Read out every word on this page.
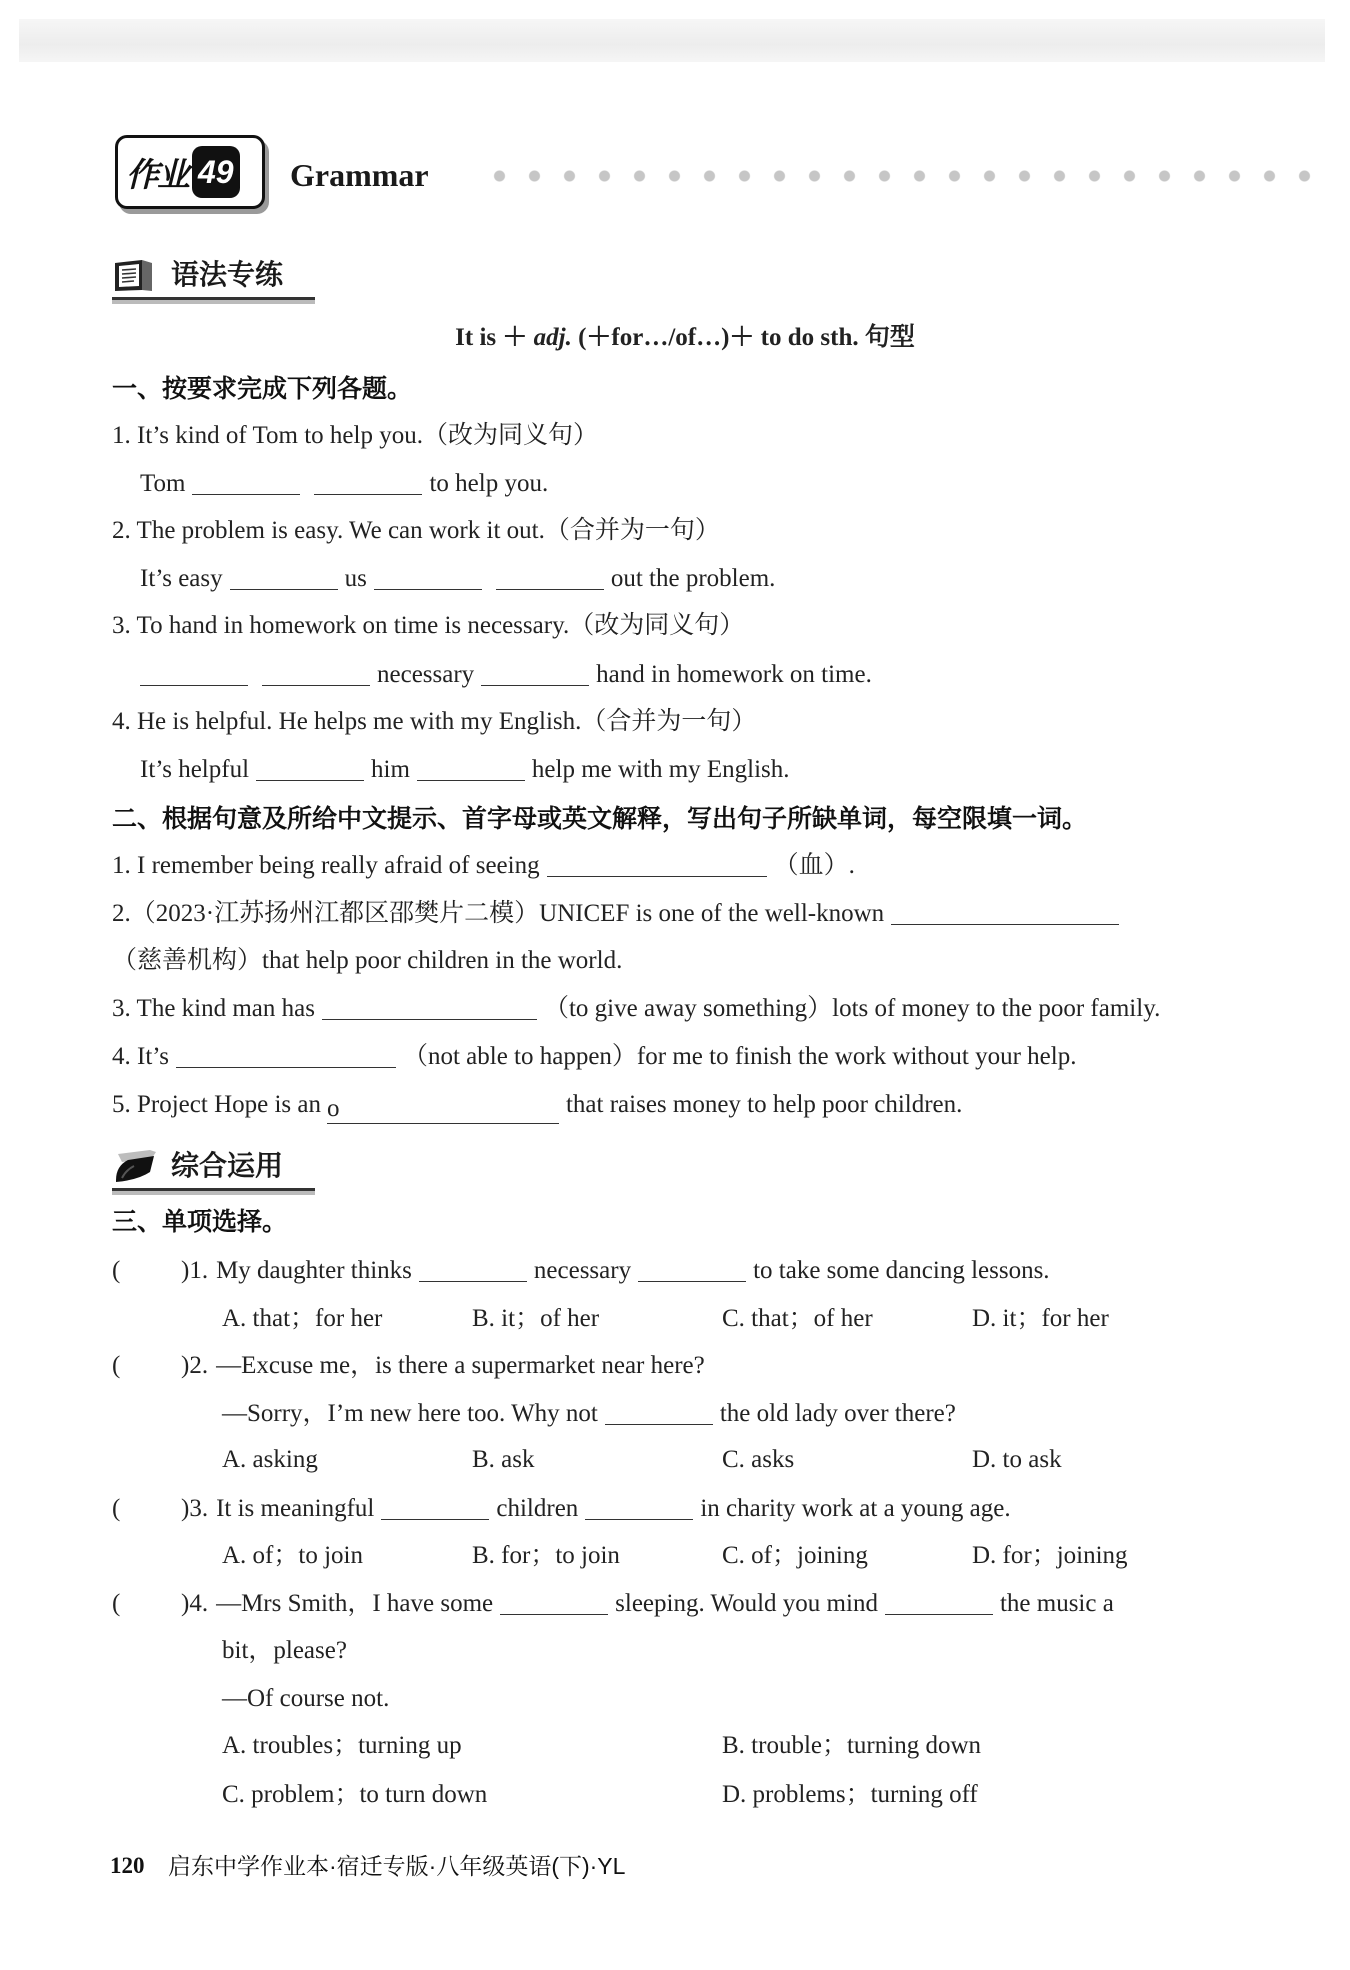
作业 49 Grammar
语法专练
It is ＋ adj. (＋for…/of…)＋ to do sth. 句型
一、按要求完成下列各题。
1. It’s kind of Tom to help you.（改为同义句）
Tom	to help you.
2. The problem is easy. We can work it out.（合并为一句）
It’s easy	us	out the problem.
3. To hand in homework on time is necessary.（改为同义句）
necessary	hand in homework on time.
4. He is helpful. He helps me with my English.（合并为一句）
It’s helpful	him	help me with my English.
二、根据句意及所给中文提示、首字母或英文解释，写出句子所缺单词，每空限填一词。
1. I remember being really afraid of seeing	（血）.
2.（2023·江苏扬州江都区邵樊片二模）UNICEF is one of the well-known
（慈善机构）that help poor children in the world.
3. The kind man has	（to give away something）lots of money to the poor family.
4. It’s	（not able to happen）for me to finish the work without your help.
5. Project Hope is an o	that raises money to help poor children.
综合运用
三、单项选择。
( )1. My daughter thinks	necessary	to take some dancing lessons.
A. that；for her	B. it；of her	C. that；of her	D. it；for her
( )2. —Excuse me，is there a supermarket near here?
—Sorry，I’m new here too. Why not	the old lady over there?
A. asking	B. ask	C. asks	D. to ask
( )3. It is meaningful	children	in charity work at a young age.
A. of；to join	B. for；to join	C. of；joining	D. for；joining
( )4. —Mrs Smith，I have some	sleeping. Would you mind	the music a
bit，please?
—Of course not.
A. troubles；turning up	B. trouble；turning down
C. problem；to turn down	D. problems；turning off
120 启东中学作业本·宿迁专版·八年级英语(下)·YL
